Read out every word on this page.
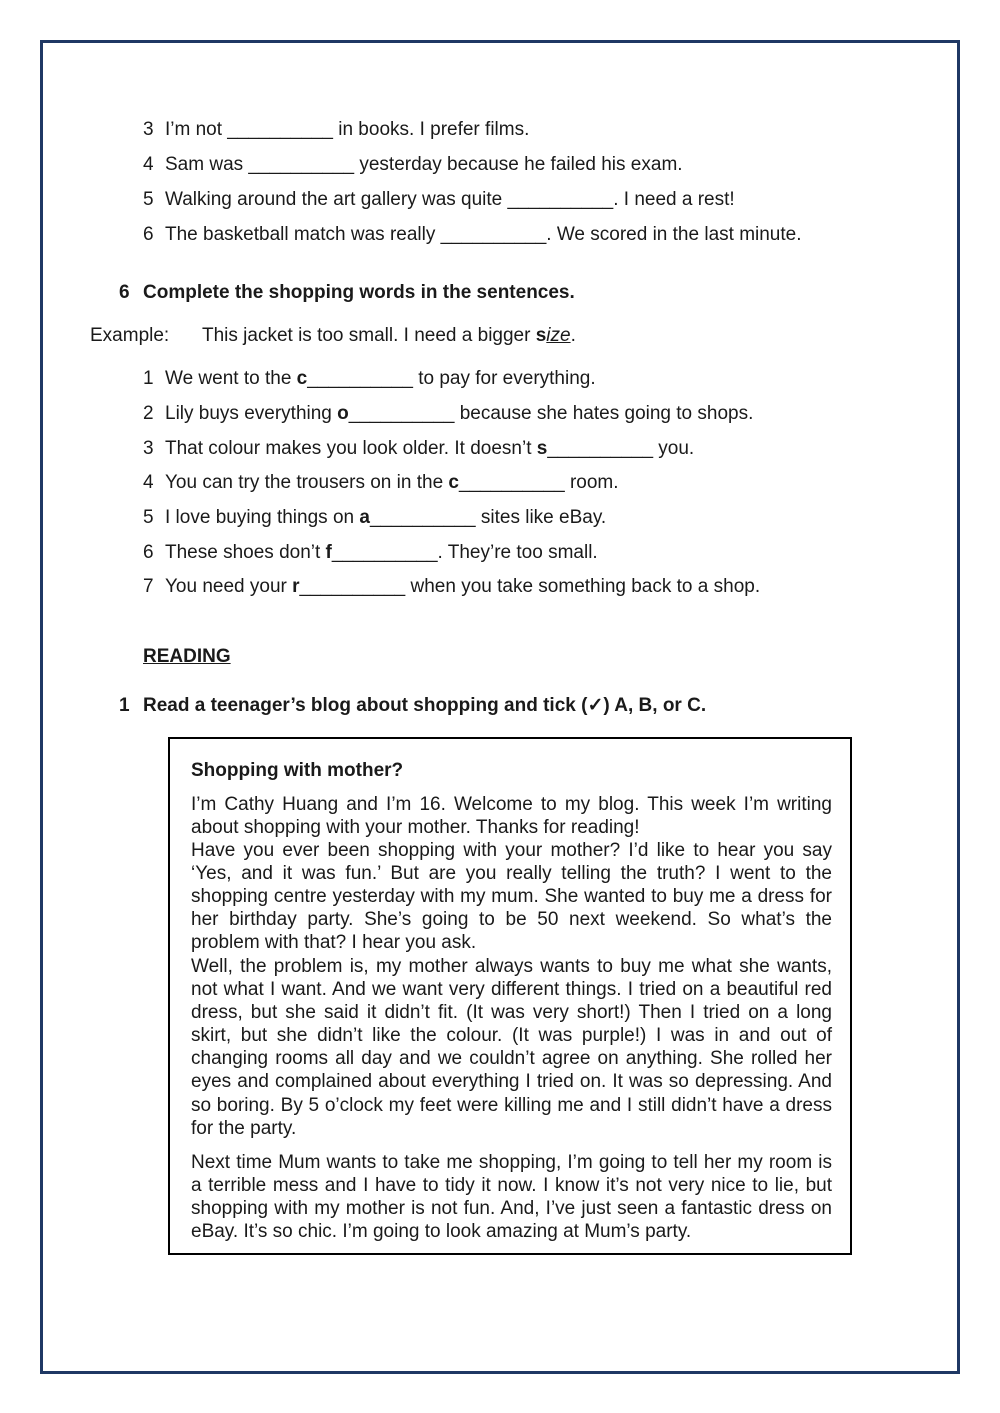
3 I’m not __________ in books. I prefer films.
4 Sam was __________ yesterday because he failed his exam.
5 Walking around the art gallery was quite __________. I need a rest!
6 The basketball match was really __________. We scored in the last minute.
6 Complete the shopping words in the sentences.
Example: This jacket is too small. I need a bigger size.
1 We went to the c__________ to pay for everything.
2 Lily buys everything o__________ because she hates going to shops.
3 That colour makes you look older. It doesn’t s__________ you.
4 You can try the trousers on in the c__________ room.
5 I love buying things on a__________ sites like eBay.
6 These shoes don’t f__________. They’re too small.
7 You need your r__________ when you take something back to a shop.
READING
1 Read a teenager’s blog about shopping and tick (✓) A, B, or C.
Shopping with mother?

I’m Cathy Huang and I’m 16. Welcome to my blog. This week I’m writing about shopping with your mother. Thanks for reading!

Have you ever been shopping with your mother? I’d like to hear you say ‘Yes, and it was fun.’ But are you really telling the truth? I went to the shopping centre yesterday with my mum. She wanted to buy me a dress for her birthday party. She’s going to be 50 next weekend. So what’s the problem with that? I hear you ask.

Well, the problem is, my mother always wants to buy me what she wants, not what I want. And we want very different things. I tried on a beautiful red dress, but she said it didn’t fit. (It was very short!) Then I tried on a long skirt, but she didn’t like the colour. (It was purple!) I was in and out of changing rooms all day and we couldn’t agree on anything. She rolled her eyes and complained about everything I tried on. It was so depressing. And so boring. By 5 o’clock my feet were killing me and I still didn’t have a dress for the party.

Next time Mum wants to take me shopping, I’m going to tell her my room is a terrible mess and I have to tidy it now. I know it’s not very nice to lie, but shopping with my mother is not fun. And, I’ve just seen a fantastic dress on eBay. It’s so chic. I’m going to look amazing at Mum’s party.
